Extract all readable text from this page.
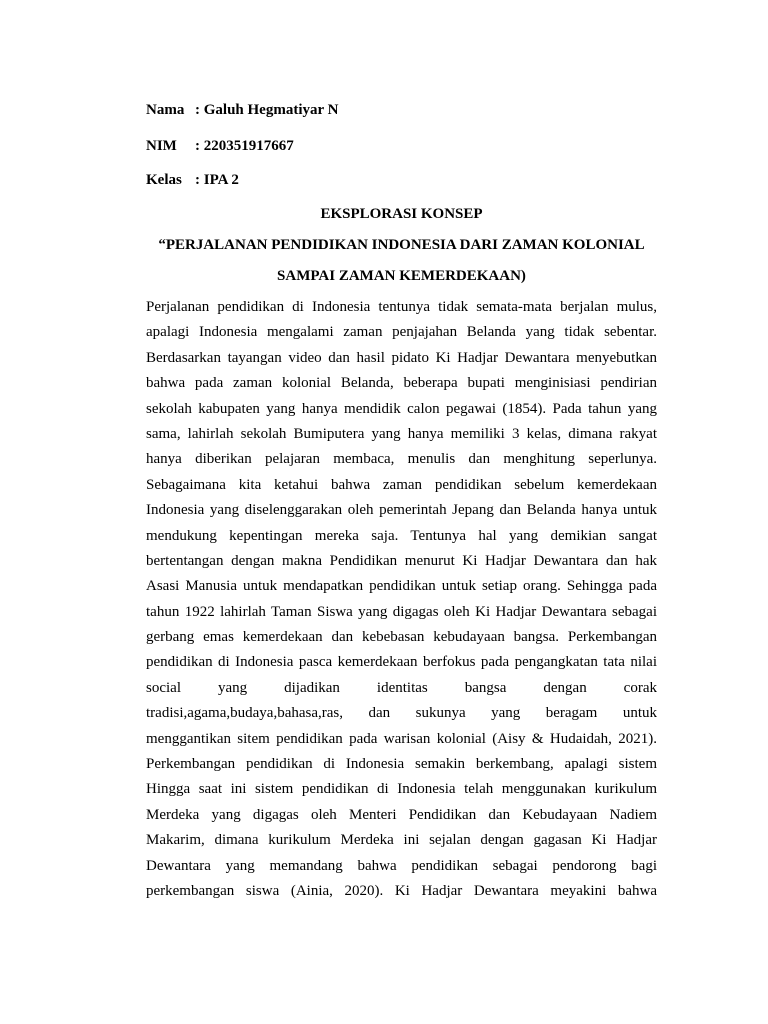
Nama : Galuh Hegmatiyar N
NIM : 220351917667
Kelas : IPA 2
EKSPLORASI KONSEP
“PERJALANAN PENDIDIKAN INDONESIA DARI ZAMAN KOLONIAL
SAMPAI ZAMAN KEMERDEKAAN)
Perjalanan pendidikan di Indonesia tentunya tidak semata-mata berjalan mulus,
apalagi Indonesia mengalami zaman penjajahan Belanda yang tidak sebentar.
Berdasarkan tayangan video dan hasil pidato Ki Hadjar Dewantara menyebutkan
bahwa pada zaman kolonial Belanda, beberapa bupati menginisiasi pendirian
sekolah kabupaten yang hanya mendidik calon pegawai (1854). Pada tahun yang
sama, lahirlah sekolah Bumiputera yang hanya memiliki 3 kelas, dimana rakyat
hanya diberikan pelajaran membaca, menulis dan menghitung seperlunya.
Sebagaimana kita ketahui bahwa zaman pendidikan sebelum kemerdekaan
Indonesia yang diselenggarakan oleh pemerintah Jepang dan Belanda hanya untuk
mendukung kepentingan mereka saja. Tentunya hal yang demikian sangat
bertentangan dengan makna Pendidikan menurut Ki Hadjar Dewantara dan hak
Asasi Manusia untuk mendapatkan pendidikan untuk setiap orang. Sehingga pada
tahun 1922 lahirlah Taman Siswa yang digagas oleh Ki Hadjar Dewantara sebagai
gerbang emas kemerdekaan dan kebebasan kebudayaan bangsa. Perkembangan
pendidikan di Indonesia pasca kemerdekaan berfokus pada pengangkatan tata nilai
social yang dijadikan identitas bangsa dengan corak
tradisi,agama,budaya,bahasa,ras, dan sukunya yang beragam untuk
menggantikan sitem pendidikan pada warisan kolonial (Aisy & Hudaidah, 2021).
Perkembangan pendidikan di Indonesia semakin berkembang, apalagi sistem
Hingga saat ini sistem pendidikan di Indonesia telah menggunakan kurikulum
Merdeka yang digagas oleh Menteri Pendidikan dan Kebudayaan Nadiem
Makarim, dimana kurikulum Merdeka ini sejalan dengan gagasan Ki Hadjar
Dewantara yang memandang bahwa pendidikan sebagai pendorong bagi
perkembangan siswa (Ainia, 2020). Ki Hadjar Dewantara meyakini bahwa
